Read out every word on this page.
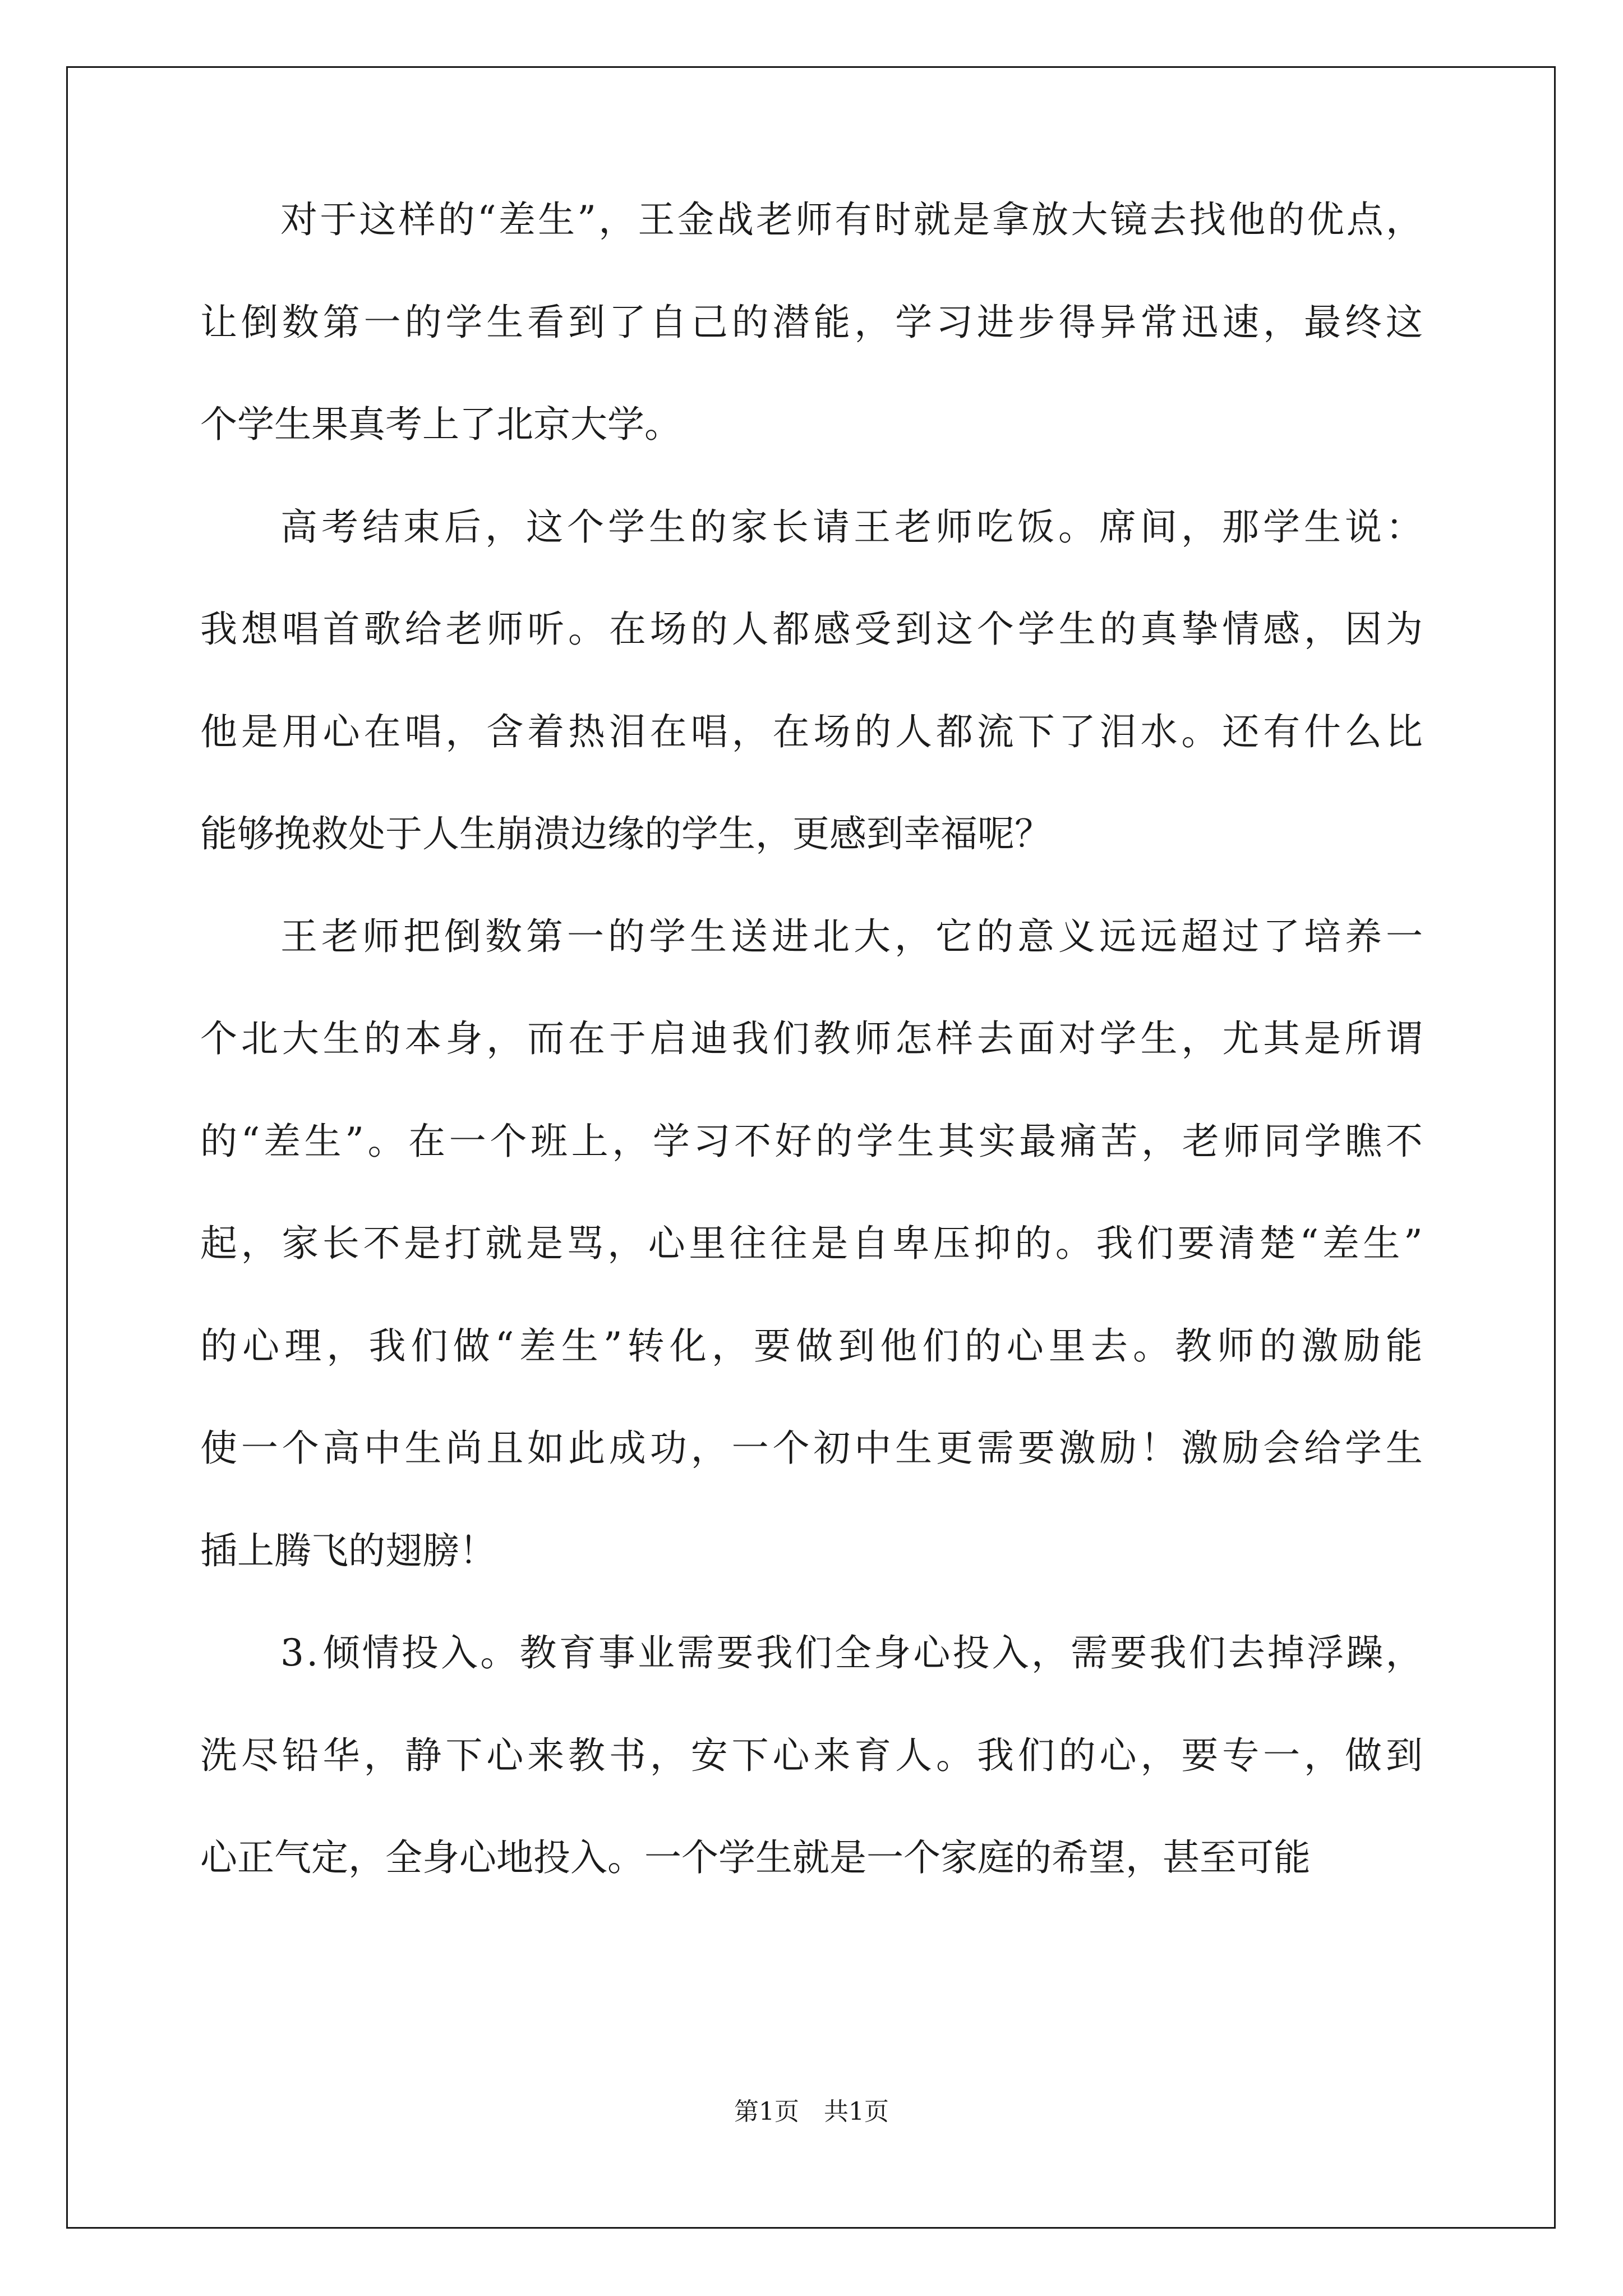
对 于 这 样 的 “ 差 生 ” ， 王 金 战 老 师 有 时 就 是 拿 放 大 镜 去 找 他 的 优 点 ，
让 倒 数 第 一 的 学 生 看 到 了 自 己 的 潜 能 ， 学 习 进 步 得 异 常 迅 速 ， 最 终 这
个学生果真考上了北京大学。
高 考 结 束 后 ， 这 个 学 生 的 家 长 请 王 老 师 吃 饭 。 席 间 ， 那 学 生 说 ：
我 想 唱 首 歌 给 老 师 听 。 在 场 的 人 都 感 受 到 这 个 学 生 的 真 挚 情 感 ， 因 为
他 是 用 心 在 唱 ， 含 着 热 泪 在 唱 ， 在 场 的 人 都 流 下 了 泪 水 。 还 有 什 么 比
能够挽救处于人生崩溃边缘的学生，更感到幸福呢？
王 老 师 把 倒 数 第 一 的 学 生 送 进 北 大 ， 它 的 意 义 远 远 超 过 了 培 养 一
个 北 大 生 的 本 身 ， 而 在 于 启 迪 我 们 教 师 怎 样 去 面 对 学 生 ， 尤 其 是 所 谓
的 “ 差 生 ” 。 在 一 个 班 上 ， 学 习 不 好 的 学 生 其 实 最 痛 苦 ， 老 师 同 学 瞧 不
起 ， 家 长 不 是 打 就 是 骂 ， 心 里 往 往 是 自 卑 压 抑 的 。 我 们 要 清 楚 “ 差 生 ”
的 心 理 ， 我 们 做 “ 差 生 ” 转 化 ， 要 做 到 他 们 的 心 里 去 。 教 师 的 激 励 能
使 一 个 高 中 生 尚 且 如 此 成 功 ， 一 个 初 中 生 更 需 要 激 励 ！ 激 励 会 给 学 生
插上腾飞的翅膀！
3 . 倾 情 投 入 。 教 育 事 业 需 要 我 们 全 身 心 投 入 ， 需 要 我 们 去 掉 浮 躁 ，
洗 尽 铅 华 ， 静 下 心 来 教 书 ， 安 下 心 来 育 人 。 我 们 的 心 ， 要 专 一 ， 做 到
心正气定，全身心地投入。一个学生就是一个家庭的希望，甚至可能
第1页　共1页
